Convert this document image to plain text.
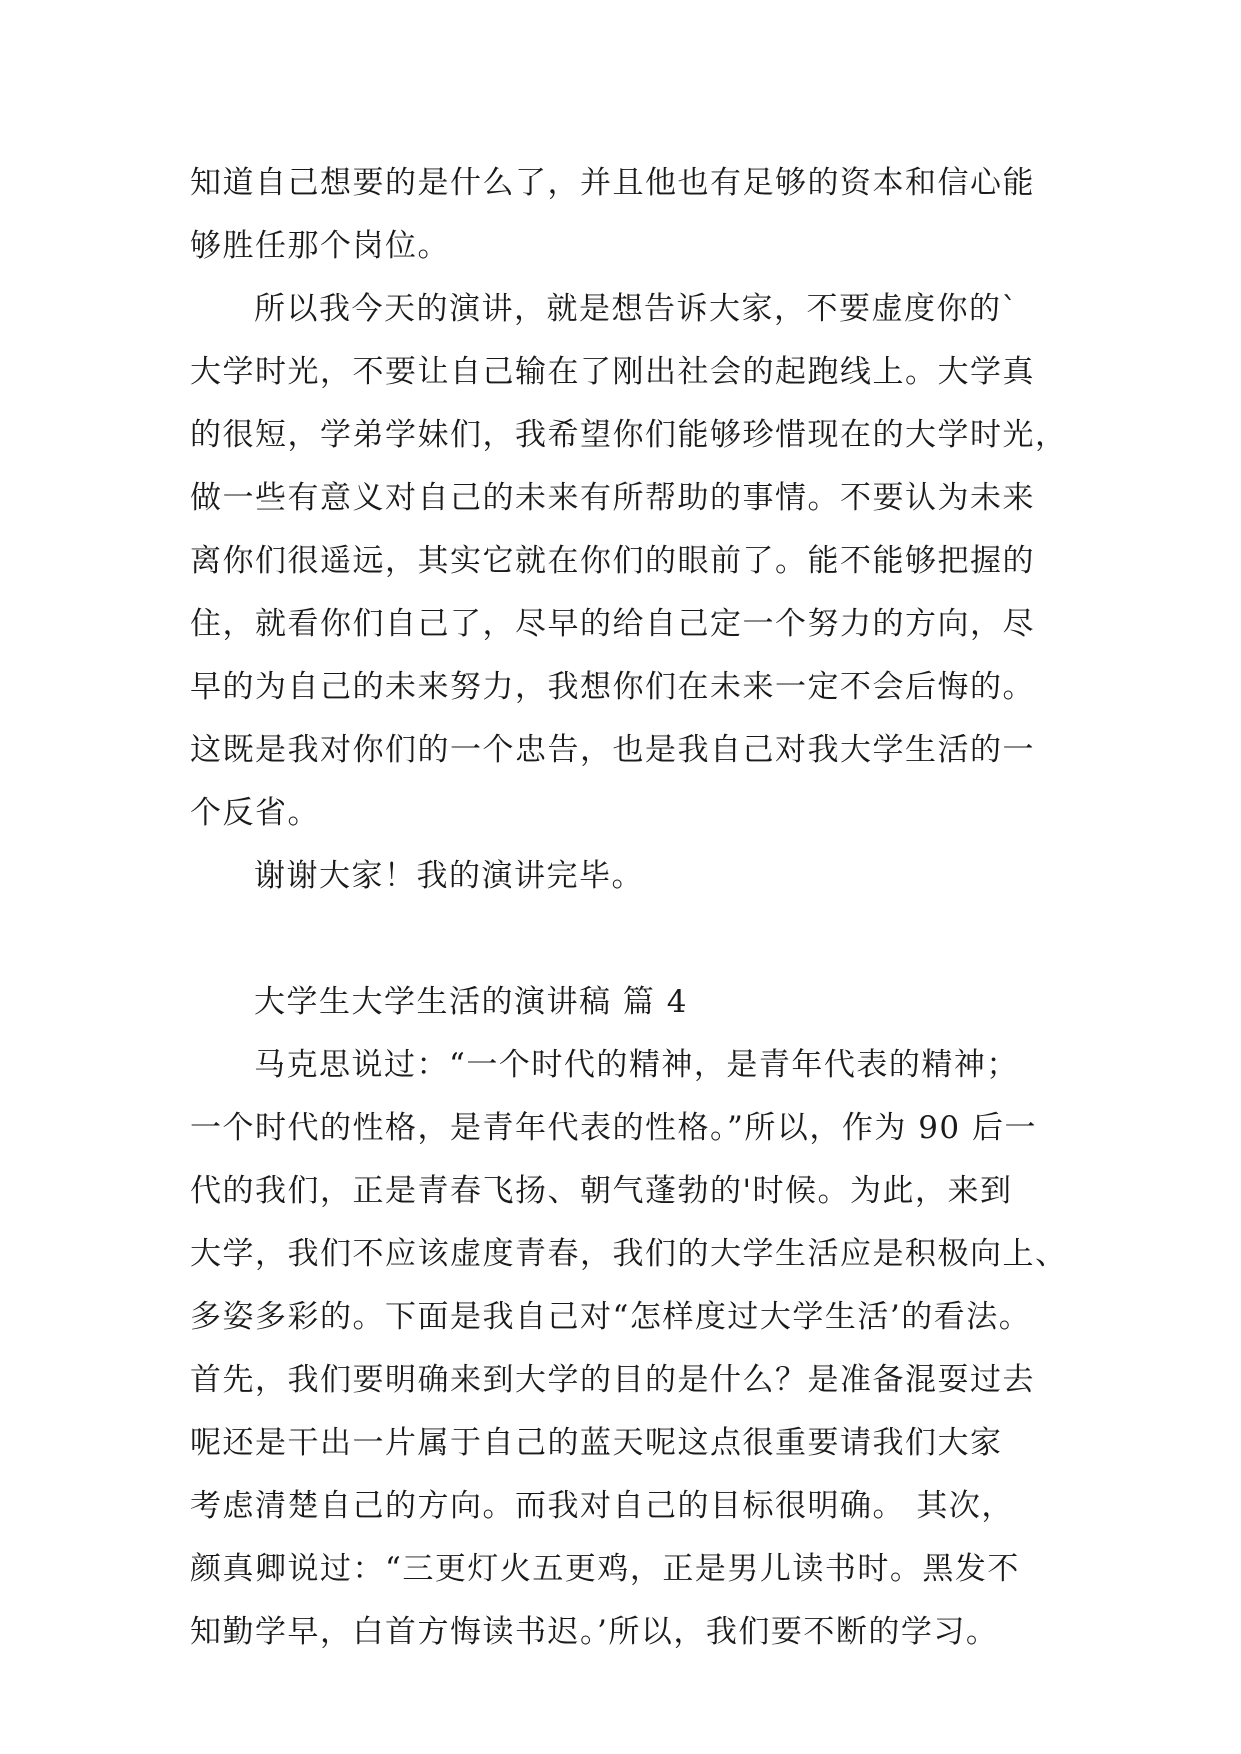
知道自己想要的是什么了，并且他也有足够的资本和信心能
够胜任那个岗位。
所以我今天的演讲，就是想告诉大家，不要虚度你的`
大学时光，不要让自己输在了刚出社会的起跑线上。大学真
的很短，学弟学妹们，我希望你们能够珍惜现在的大学时光，
做一些有意义对自己的未来有所帮助的事情。不要认为未来
离你们很遥远，其实它就在你们的眼前了。能不能够把握的
住，就看你们自己了，尽早的给自己定一个努力的方向，尽
早的为自己的未来努力，我想你们在未来一定不会后悔的。
这既是我对你们的一个忠告，也是我自己对我大学生活的一
个反省。
谢谢大家！我的演讲完毕。
大学生大学生活的演讲稿 篇 4
马克思说过：“一个时代的精神，是青年代表的精神；
一个时代的性格，是青年代表的性格。”所以，作为 90 后一
代的我们，正是青春飞扬、朝气蓬勃的'时候。为此，来到
大学，我们不应该虚度青春，我们的大学生活应是积极向上、
多姿多彩的。下面是我自己对“怎样度过大学生活’的看法。
首先，我们要明确来到大学的目的是什么？是准备混耍过去
呢还是干出一片属于自己的蓝天呢这点很重要请我们大家
考虑清楚自己的方向。而我对自己的目标很明确。 其次，
颜真卿说过：“三更灯火五更鸡，正是男儿读书时。黑发不
知勤学早，白首方悔读书迟。’所以，我们要不断的学习。
